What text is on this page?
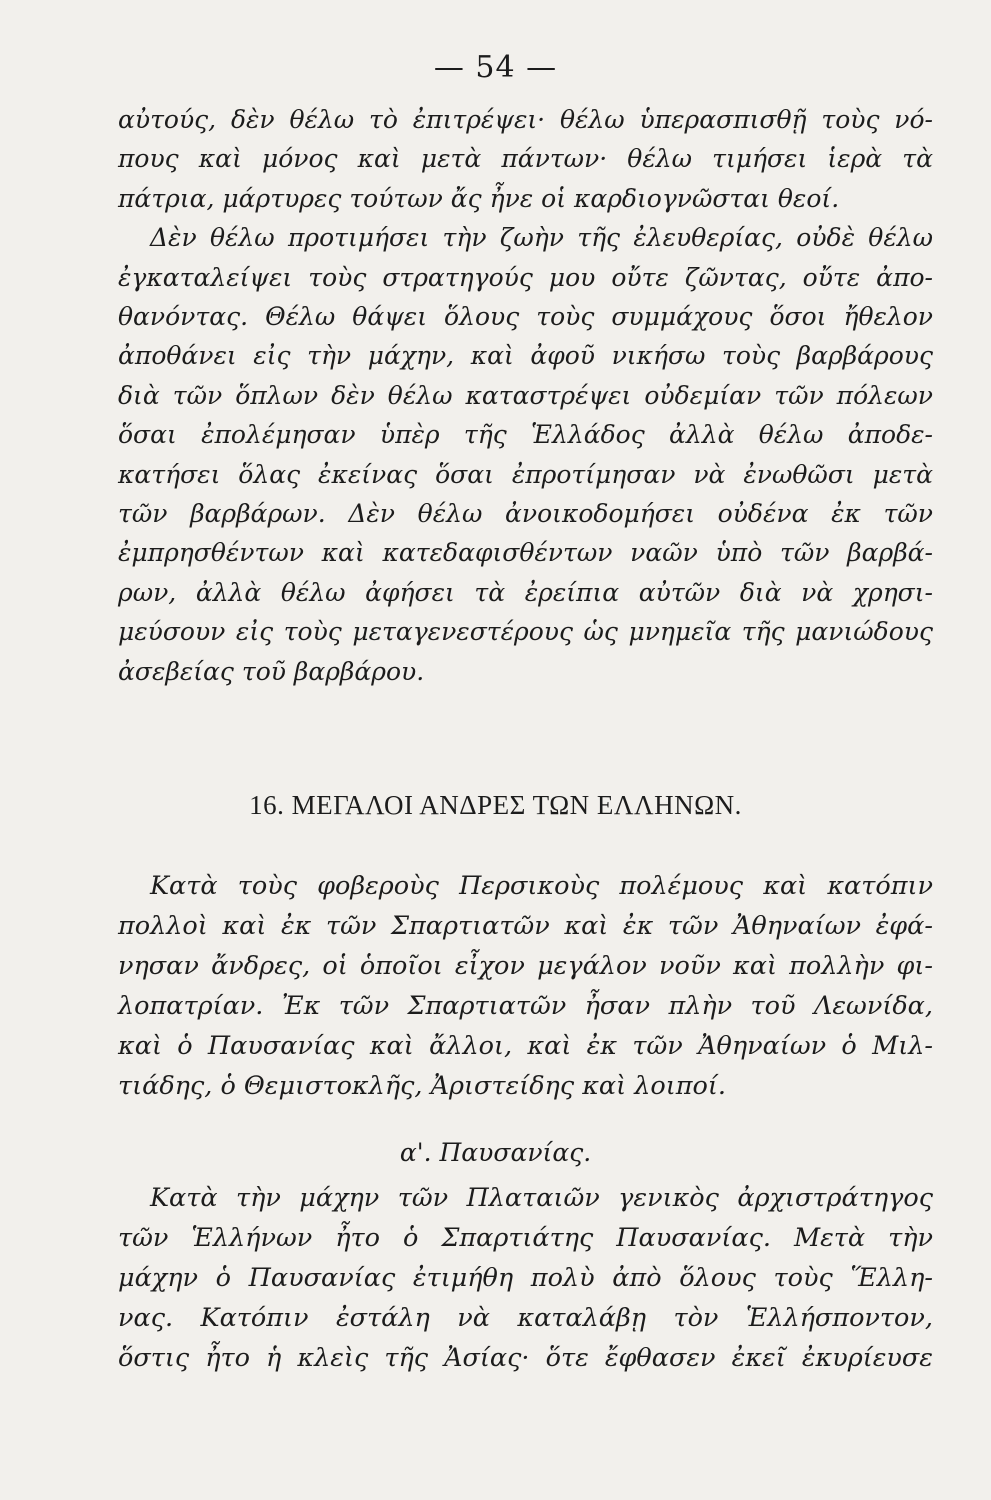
— 54 —
αὐτούς, δὲν θέλω τὸ ἐπιτρέψει· θέλω ὑπερασπισθῇ τοὺς νό-
πους καὶ μόνος καὶ μετὰ πάντων· θέλω τιμήσει ἱερὰ τὰ
πάτρια, μάρτυρες τούτων ἄς ἦνε οἱ καρδιογνῶσται θεοί.
Δὲν θέλω προτιμήσει τὴν ζωὴν τῆς ἐλευθερίας, οὐδὲ θέλω
ἐγκαταλείψει τοὺς στρατηγούς μου οὔτε ζῶντας, οὔτε ἀπο-
θανόντας. Θέλω θάψει ὅλους τοὺς συμμάχους ὅσοι ἤθελον
ἀποθάνει εἰς τὴν μάχην, καὶ ἀφοῦ νικήσω τοὺς βαρβάρους
διὰ τῶν ὅπλων δὲν θέλω καταστρέψει οὐδεμίαν τῶν πόλεων
ὅσαι ἐπολέμησαν ὑπὲρ τῆς Ἑλλάδος ἀλλὰ θέλω ἀποδε-
κατήσει ὅλας ἐκείνας ὅσαι ἐπροτίμησαν νὰ ἐνωθῶσι μετὰ
τῶν βαρβάρων. Δὲν θέλω ἀνοικοδομήσει οὐδένα ἐκ τῶν
ἐμπρησθέντων καὶ κατεδαφισθέντων ναῶν ὑπὸ τῶν βαρβά-
ρων, ἀλλὰ θέλω ἀφήσει τὰ ἐρείπια αὐτῶν διὰ νὰ χρησι-
μεύσουν εἰς τοὺς μεταγενεστέρους ὡς μνημεῖα τῆς μανιώδους
ἀσεβείας τοῦ βαρβάρου.
16. ΜΕΓΑΛΟΙ ΑΝΔΡΕΣ ΤΩΝ ΕΛΛΗΝΩΝ.
Κατὰ τοὺς φοβεροὺς Περσικοὺς πολέμους καὶ κατόπιν
πολλοὶ καὶ ἐκ τῶν Σπαρτιατῶν καὶ ἐκ τῶν Ἀθηναίων ἐφά-
νησαν ἄνδρες, οἱ ὁποῖοι εἶχον μεγάλον νοῦν καὶ πολλὴν φι-
λοπατρίαν. Ἐκ τῶν Σπαρτιατῶν ἦσαν πλὴν τοῦ Λεωνίδα,
καὶ ὁ Παυσανίας καὶ ἄλλοι, καὶ ἐκ τῶν Ἀθηναίων ὁ Μιλ-
τιάδης, ὁ Θεμιστοκλῆς, Ἀριστείδης καὶ λοιποί.
α'. Παυσανίας.
Κατὰ τὴν μάχην τῶν Πλαταιῶν γενικὸς ἀρχιστράτηγος
τῶν Ἑλλήνων ἦτο ὁ Σπαρτιάτης Παυσανίας. Μετὰ τὴν
μάχην ὁ Παυσανίας ἐτιμήθη πολὺ ἀπὸ ὅλους τοὺς Ἕλλη-
νας. Κατόπιν ἐστάλη νὰ καταλάβῃ τὸν Ἑλλήσποντον,
ὅστις ἦτο ἡ κλεὶς τῆς Ἀσίας· ὅτε ἔφθασεν ἐκεῖ ἐκυρίευσε
